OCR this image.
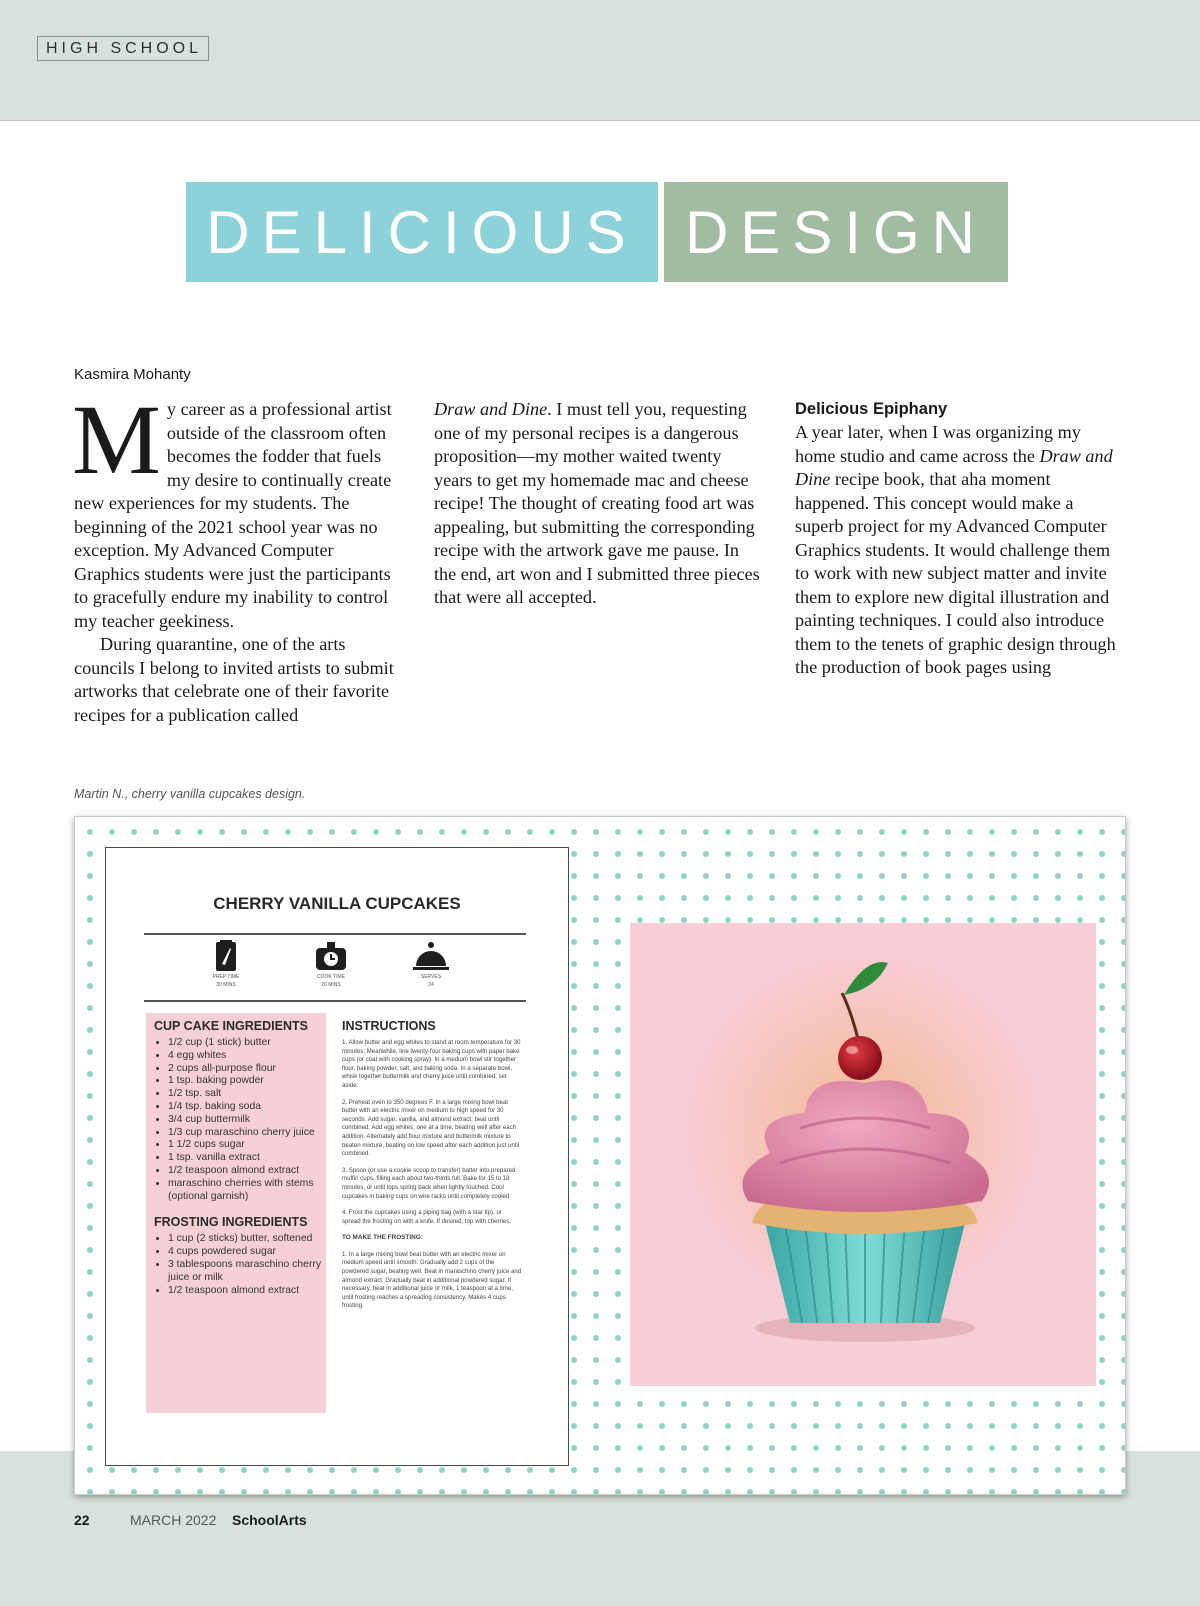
HIGH SCHOOL
DELICIOUS DESIGN
Kasmira Mohanty

My career as a professional artist outside of the classroom often becomes the fodder that fuels my desire to continually create new experiences for my students. The beginning of the 2021 school year was no exception. My Advanced Computer Graphics students were just the participants to gracefully endure my inability to control my teacher geekiness.

During quarantine, one of the arts councils I belong to invited artists to submit artworks that celebrate one of their favorite recipes for a publication called

Draw and Dine. I must tell you, requesting one of my personal recipes is a dangerous proposition—my mother waited twenty years to get my homemade mac and cheese recipe! The thought of creating food art was appealing, but submitting the corresponding recipe with the artwork gave me pause. In the end, art won and I submitted three pieces that were all accepted.

Delicious Epiphany

A year later, when I was organizing my home studio and came across the Draw and Dine recipe book, that aha moment happened. This concept would make a superb project for my Advanced Computer Graphics students. It would challenge them to work with new subject matter and invite them to explore new digital illustration and painting techniques. I could also introduce them to the tenets of graphic design through the production of book pages using

Martin N., cherry vanilla cupcakes design.
CHERRY VANILLA CUPCAKES
PREP TIME
30 MINS
COOK TIME
20 MINS
SERVES
24
CUP CAKE INGREDIENTS
• 1/2 cup (1 stick) butter
• 4 egg whites
• 2 cups all-purpose flour
• 1 tsp. baking powder
• 1/2 tsp. salt
• 1/4 tsp. baking soda
• 3/4 cup buttermilk
• 1/3 cup maraschino cherry juice
• 1 1/2 cups sugar
• 1 tsp. vanilla extract
• 1/2 teaspoon almond extract
• maraschino cherries with stems (optional garnish)
FROSTING INGREDIENTS
• 1 cup (2 sticks) butter, softened
• 4 cups powdered sugar
• 3 tablespoons maraschino cherry juice or milk
• 1/2 teaspoon almond extract
INSTRUCTIONS

1. Allow butter and egg whites to stand at room temperature for 30 minutes. Meanwhile, line twenty-four baking cups with paper bake cups (or coat with cooking spray). In a medium bowl stir together flour, baking powder, salt, and baking soda. In a separate bowl, whisk together buttermilk and cherry juice until combined; set aside.

2. Preheat oven to 350 degrees F. In a large mixing bowl beat butter with an electric mixer on medium to high speed for 30 seconds. Add sugar, vanilla, and almond extract; beat until combined. Add egg whites, one at a time, beating well after each addition. Alternately add flour mixture and buttermilk mixture to beaten mixture, beating on low speed after each addition just until combined.

3. Spoon (or use a cookie scoop to transfer) batter into prepared muffin cups, filling each about two-thirds full. Bake for 15 to 18 minutes, or until tops spring back when lightly touched. Cool cupcakes in baking cups on wire racks until completely cooled.

4. Frost the cupcakes using a piping bag (with a star tip), or spread the frosting on with a knife. If desired, top with cherries.

TO MAKE THE FROSTING:

1. In a large mixing bowl beat butter with an electric mixer on medium speed until smooth. Gradually add 2 cups of the powdered sugar, beating well. Beat in maraschino cherry juice and almond extract. Gradually beat in additional powdered sugar. If necessary, beat in additional juice or milk, 1 teaspoon at a time, until frosting reaches a spreading consistency. Makes 4 cups frosting.

22	MARCH 2022 SchoolArts
